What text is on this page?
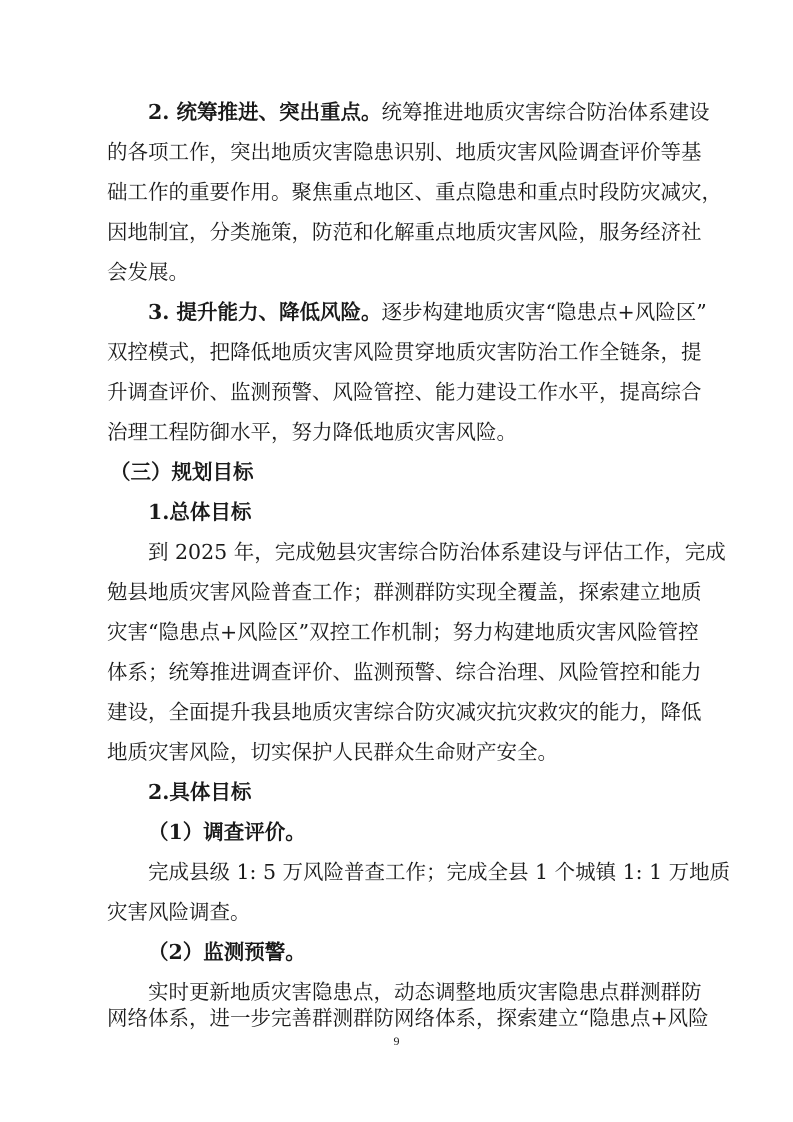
2. 统筹推进、突出重点。统筹推进地质灾害综合防治体系建设
的各项工作，突出地质灾害隐患识别、地质灾害风险调查评价等基
础工作的重要作用。聚焦重点地区、重点隐患和重点时段防灾减灾，
因地制宜，分类施策，防范和化解重点地质灾害风险，服务经济社
会发展。
3. 提升能力、降低风险。逐步构建地质灾害“隐患点+风险区”
双控模式，把降低地质灾害风险贯穿地质灾害防治工作全链条，提
升调查评价、监测预警、风险管控、能力建设工作水平，提高综合
治理工程防御水平，努力降低地质灾害风险。
（三）规划目标
1.总体目标
到 2025 年，完成勉县灾害综合防治体系建设与评估工作，完成
勉县地质灾害风险普查工作；群测群防实现全覆盖，探索建立地质
灾害“隐患点+风险区”双控工作机制；努力构建地质灾害风险管控
体系；统筹推进调查评价、监测预警、综合治理、风险管控和能力
建设，全面提升我县地质灾害综合防灾减灾抗灾救灾的能力，降低
地质灾害风险，切实保护人民群众生命财产安全。
2.具体目标
（1）调查评价。
完成县级 1: 5 万风险普查工作；完成全县 1 个城镇 1: 1 万地质
灾害风险调查。
（2）监测预警。
实时更新地质灾害隐患点，动态调整地质灾害隐患点群测群防
网络体系，进一步完善群测群防网络体系，探索建立“隐患点+风险
9
